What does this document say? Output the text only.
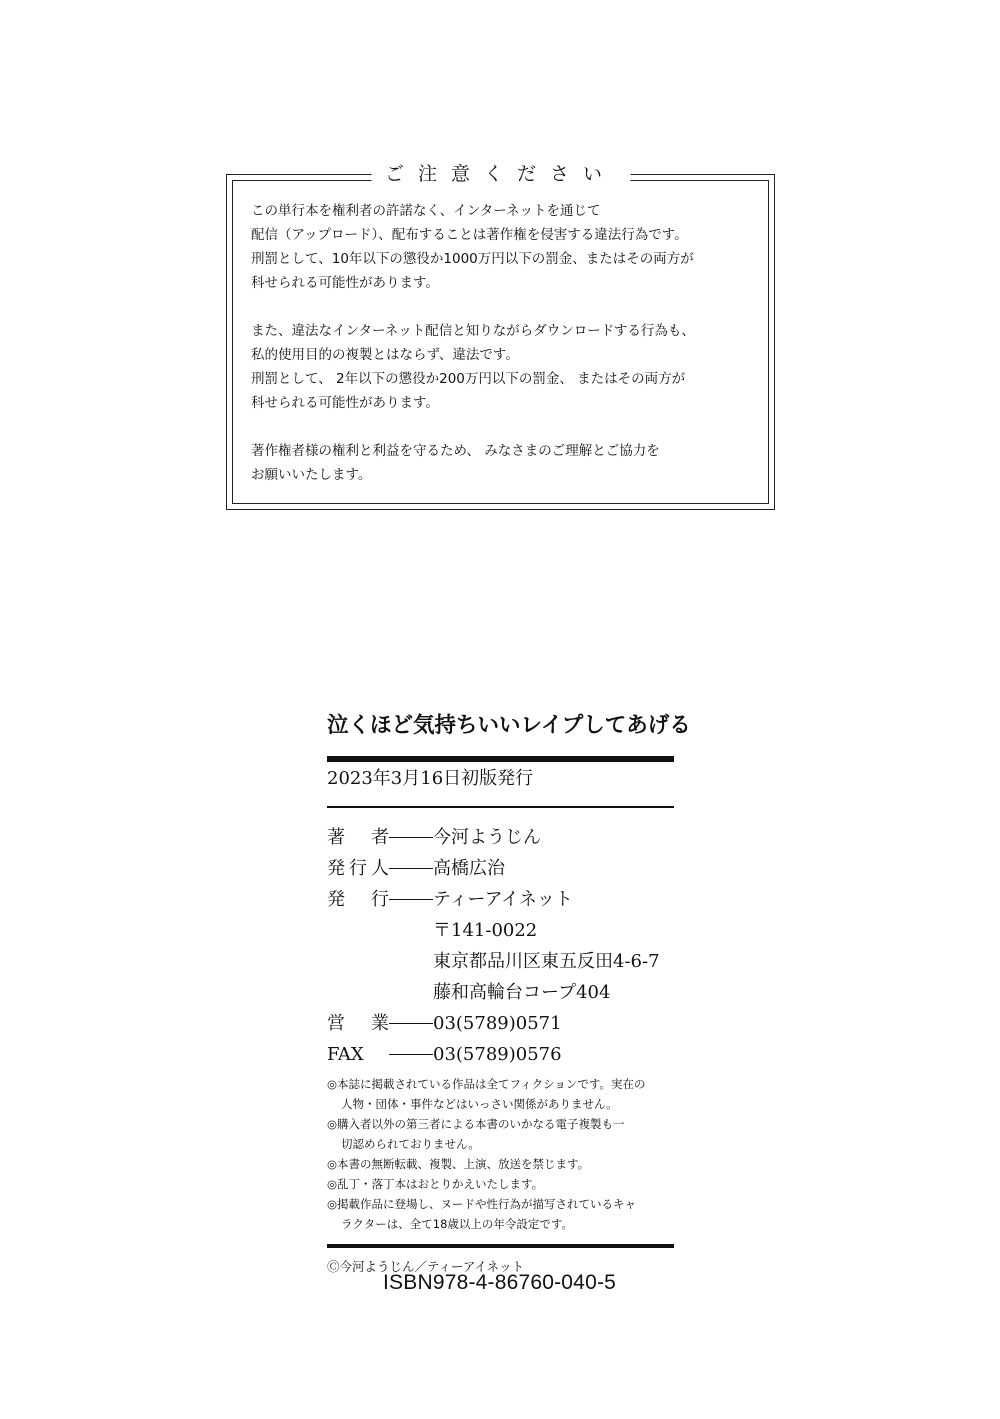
ご注意ください
この単行本を権利者の許諾なく、インターネットを通じて
配信（アップロード）、配布することは著作権を侵害する違法行為です。
刑罰として、10年以下の懲役か1000万円以下の罰金、またはその両方が
科せられる可能性があります。
また、違法なインターネット配信と知りながらダウンロードする行為も、
私的使用目的の複製とはならず、違法です。
刑罰として、 2年以下の懲役か200万円以下の罰金、 またはその両方が
科せられる可能性があります。
著作権者様の権利と利益を守るため、 みなさまのご理解とご協力を
お願いいたします。
泣くほど気持ちいいレイプしてあげる
2023年3月16日初版発行
著者 今河ようじん
発行人 高橋広治
発行 ティーアイネット
〒141-0022
東京都品川区東五反田4-6-7
藤和高輪台コープ404
営業 03(5789)0571
FAX	03(5789)0576
◎本誌に掲載されている作品は全てフィクションです。実在の
人物・団体・事件などはいっさい関係がありません。
◎購入者以外の第三者による本書のいかなる電子複製も一
切認められておりません。
◎本書の無断転載、複製、上演、放送を禁じます。
◎乱丁・落丁本はおとりかえいたします。
◎掲載作品に登場し、ヌードや性行為が描写されているキャ
ラクターは、全て18歳以上の年令設定です。
Ⓒ今河ようじん／ティーアイネット
ISBN978-4-86760-040-5
